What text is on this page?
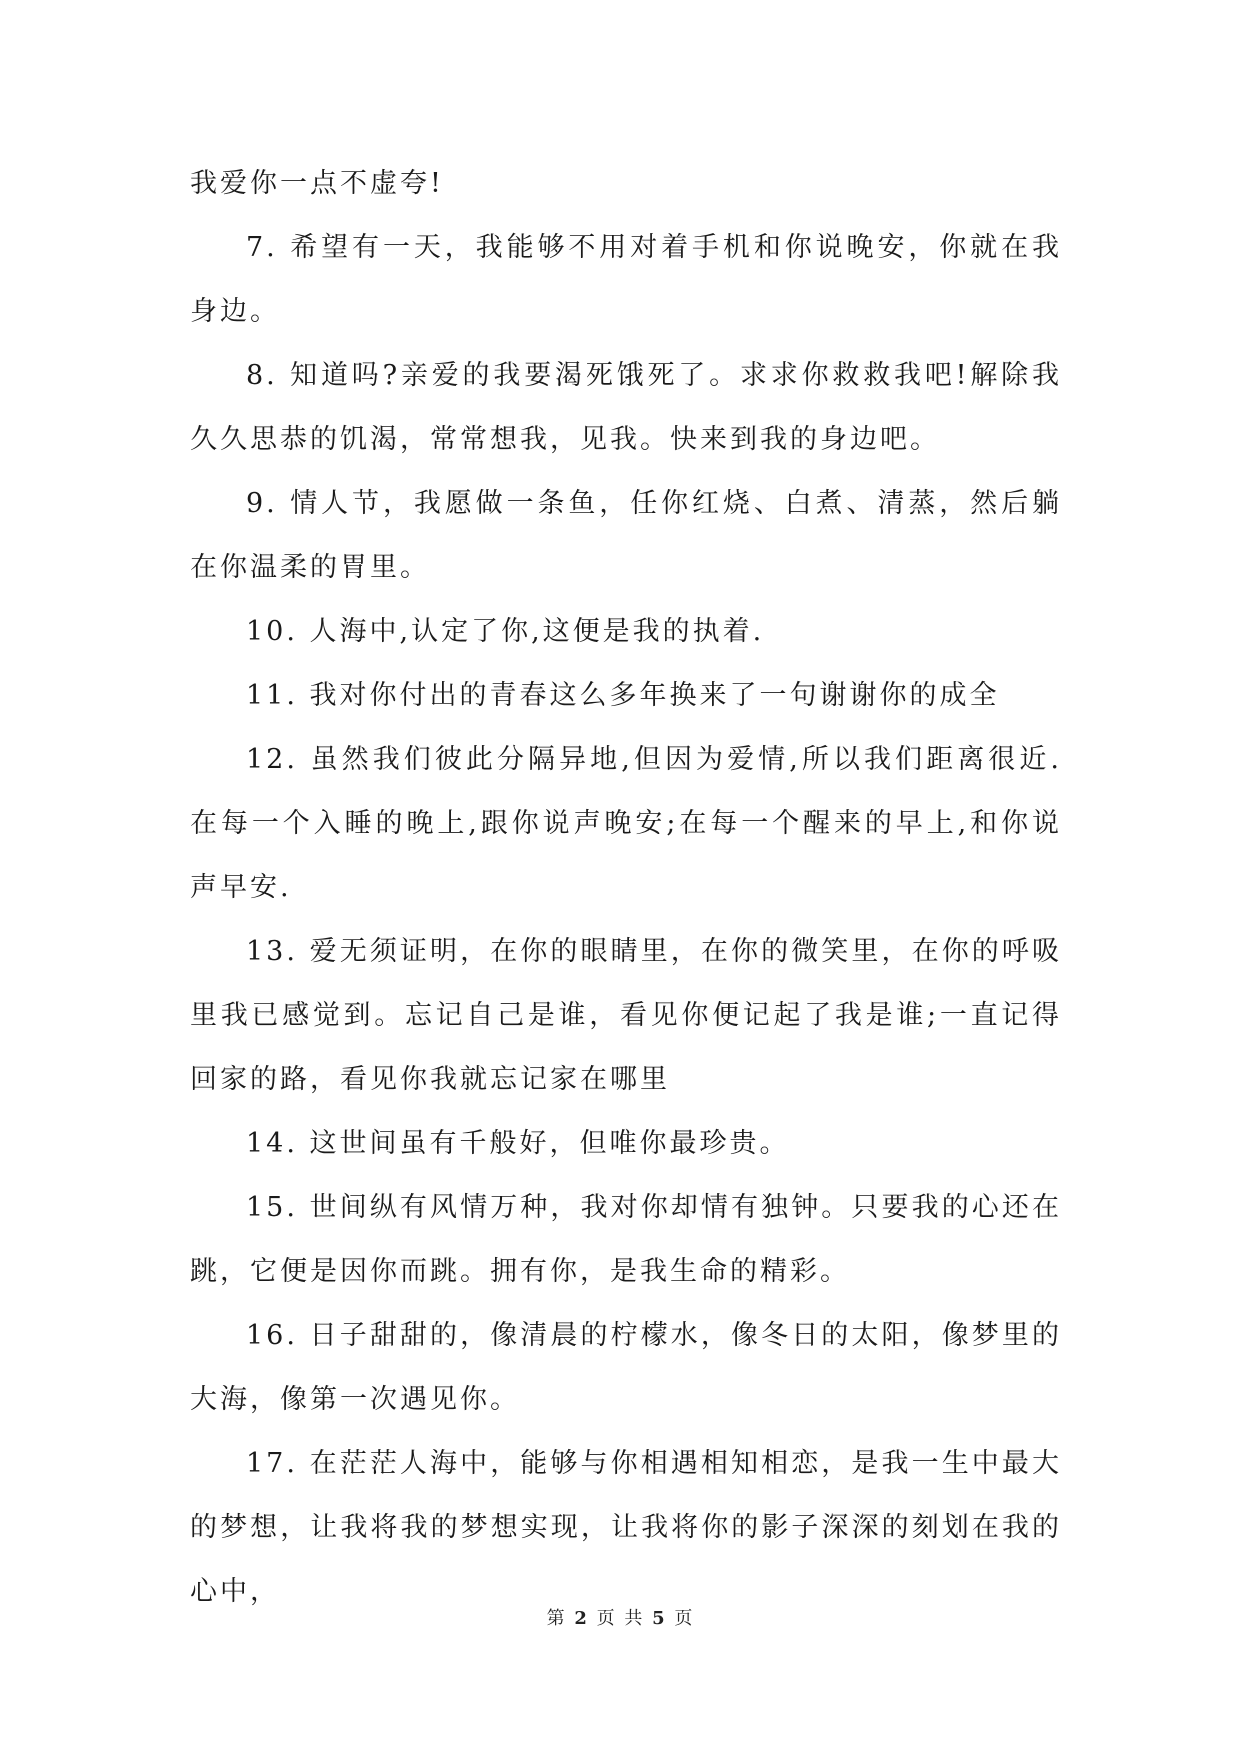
我爱你一点不虚夸!

7. 希望有一天，我能够不用对着手机和你说晚安，你就在我身边。

8. 知道吗?亲爱的我要渴死饿死了。求求你救救我吧!解除我久久思恭的饥渴，常常想我，见我。快来到我的身边吧。

9. 情人节，我愿做一条鱼，任你红烧、白煮、清蒸，然后躺在你温柔的胃里。

10. 人海中,认定了你,这便是我的执着.

11. 我对你付出的青春这么多年换来了一句谢谢你的成全

12. 虽然我们彼此分隔异地,但因为爱情,所以我们距离很近.在每一个入睡的晚上,跟你说声晚安;在每一个醒来的早上,和你说声早安.

13. 爱无须证明，在你的眼睛里，在你的微笑里，在你的呼吸里我已感觉到。忘记自己是谁，看见你便记起了我是谁;一直记得回家的路，看见你我就忘记家在哪里

14. 这世间虽有千般好，但唯你最珍贵。

15. 世间纵有风情万种，我对你却情有独钟。只要我的心还在跳，它便是因你而跳。拥有你，是我生命的精彩。

16. 日子甜甜的，像清晨的柠檬水，像冬日的太阳，像梦里的大海，像第一次遇见你。

17. 在茫茫人海中，能够与你相遇相知相恋，是我一生中最大的梦想，让我将我的梦想实现，让我将你的影子深深的刻划在我的心中，

第 2 页 共 5 页
